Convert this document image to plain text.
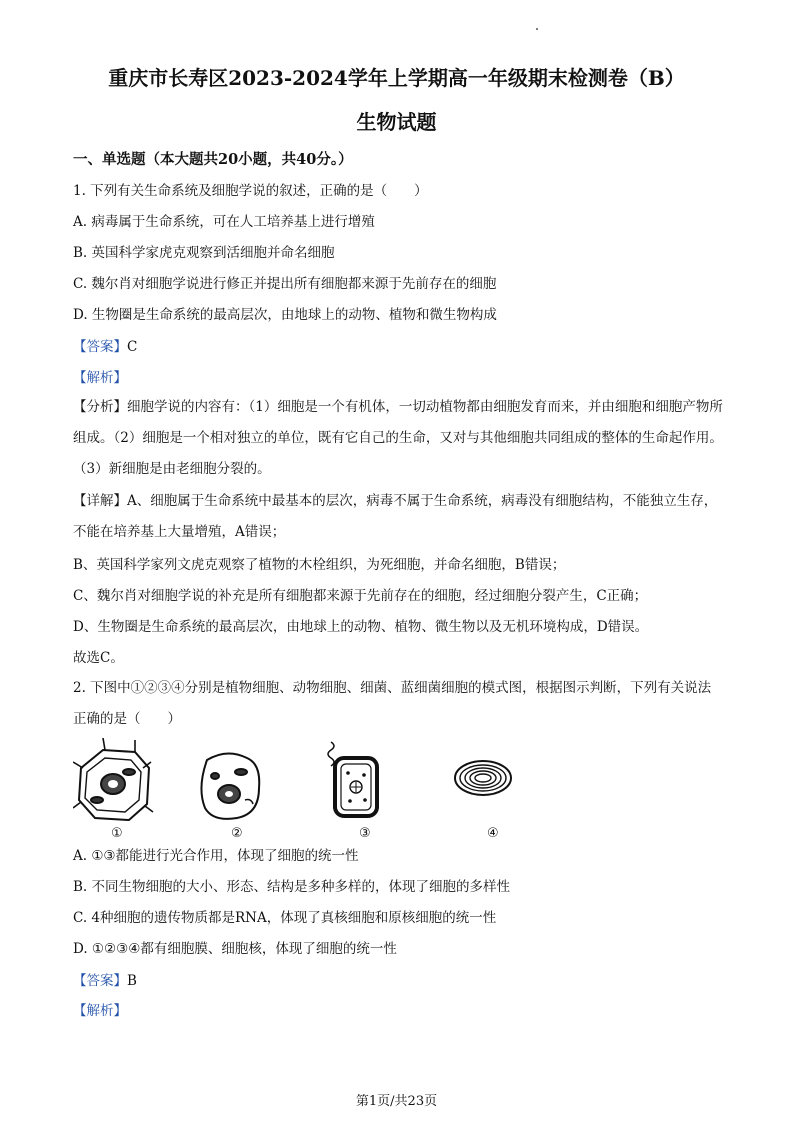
重庆市长寿区2023-2024学年上学期高一年级期末检测卷（B）
生物试题
一、单选题（本大题共20小题，共40分。）
1. 下列有关生命系统及细胞学说的叙述，正确的是（　　）
A. 病毒属于生命系统，可在人工培养基上进行增殖
B. 英国科学家虎克观察到活细胞并命名细胞
C. 魏尔肖对细胞学说进行修正并提出所有细胞都来源于先前存在的细胞
D. 生物圈是生命系统的最高层次，由地球上的动物、植物和微生物构成
【答案】C
【解析】
【分析】细胞学说的内容有：（1）细胞是一个有机体，一切动植物都由细胞发育而来，并由细胞和细胞产物所组成。（2）细胞是一个相对独立的单位，既有它自己的生命，又对与其他细胞共同组成的整体的生命起作用。（3）新细胞是由老细胞分裂的。
【详解】A、细胞属于生命系统中最基本的层次，病毒不属于生命系统，病毒没有细胞结构，不能独立生存，不能在培养基上大量增殖，A错误；
B、英国科学家列文虎克观察了植物的木栓组织，为死细胞，并命名细胞，B错误；
C、魏尔肖对细胞学说的补充是所有细胞都来源于先前存在的细胞，经过细胞分裂产生，C正确；
D、生物圈是生命系统的最高层次，由地球上的动物、植物、微生物以及无机环境构成，D错误。
故选C。
2. 下图中①②③④分别是植物细胞、动物细胞、细菌、蓝细菌细胞的模式图，根据图示判断，下列有关说法正确的是（　　）
①	②	③	④
A. ①③都能进行光合作用，体现了细胞的统一性
B. 不同生物细胞的大小、形态、结构是多种多样的，体现了细胞的多样性
C. 4种细胞的遗传物质都是RNA，体现了真核细胞和原核细胞的统一性
D. ①②③④都有细胞膜、细胞核，体现了细胞的统一性
【答案】B
【解析】
第1页/共23页
